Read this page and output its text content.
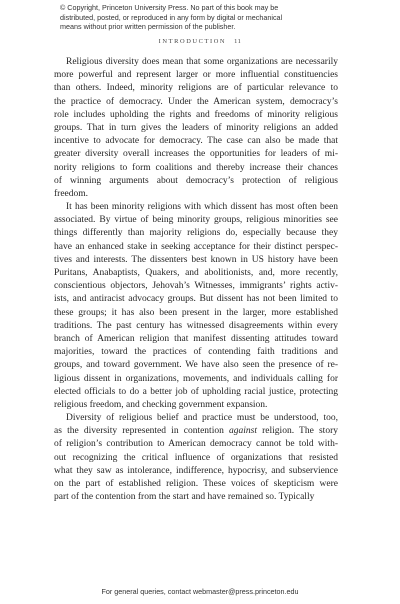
© Copyright, Princeton University Press. No part of this book may be
distributed, posted, or reproduced in any form by digital or mechanical
means without prior written permission of the publisher.
INTRODUCTION 11
Religious diversity does mean that some organizations are necessarily
more powerful and represent larger or more influential constituencies
than others. Indeed, minority religions are of particular relevance to
the practice of democracy. Under the American system, democracy’s
role includes upholding the rights and freedoms of minority religious
groups. That in turn gives the leaders of minority religions an added
incentive to advocate for democracy. The case can also be made that
greater diversity overall increases the opportunities for leaders of mi-
nority religions to form coalitions and thereby increase their chances
of winning arguments about democracy’s protection of religious
freedom.
It has been minority religions with which dissent has most often been
associated. By virtue of being minority groups, religious minorities see
things differently than majority religions do, especially because they
have an enhanced stake in seeking acceptance for their distinct perspec-
tives and interests. The dissenters best known in US history have been
Puritans, Anabaptists, Quakers, and abolitionists, and, more recently,
conscientious objectors, Jehovah’s Witnesses, immigrants’ rights activ-
ists, and antiracist advocacy groups. But dissent has not been limited to
these groups; it has also been present in the larger, more established
traditions. The past century has witnessed disagreements within every
branch of American religion that manifest dissenting attitudes toward
majorities, toward the practices of contending faith traditions and
groups, and toward government. We have also seen the presence of re-
ligious dissent in organizations, movements, and individuals calling for
elected officials to do a better job of upholding racial justice, protecting
religious freedom, and checking government expansion.
Diversity of religious belief and practice must be understood, too,
as the diversity represented in contention against religion. The story
of religion’s contribution to American democracy cannot be told with-
out recognizing the critical influence of organizations that resisted
what they saw as intolerance, indifference, hypocrisy, and subservience
on the part of established religion. These voices of skepticism were
part of the contention from the start and have remained so. Typically
For general queries, contact webmaster@press.princeton.edu
